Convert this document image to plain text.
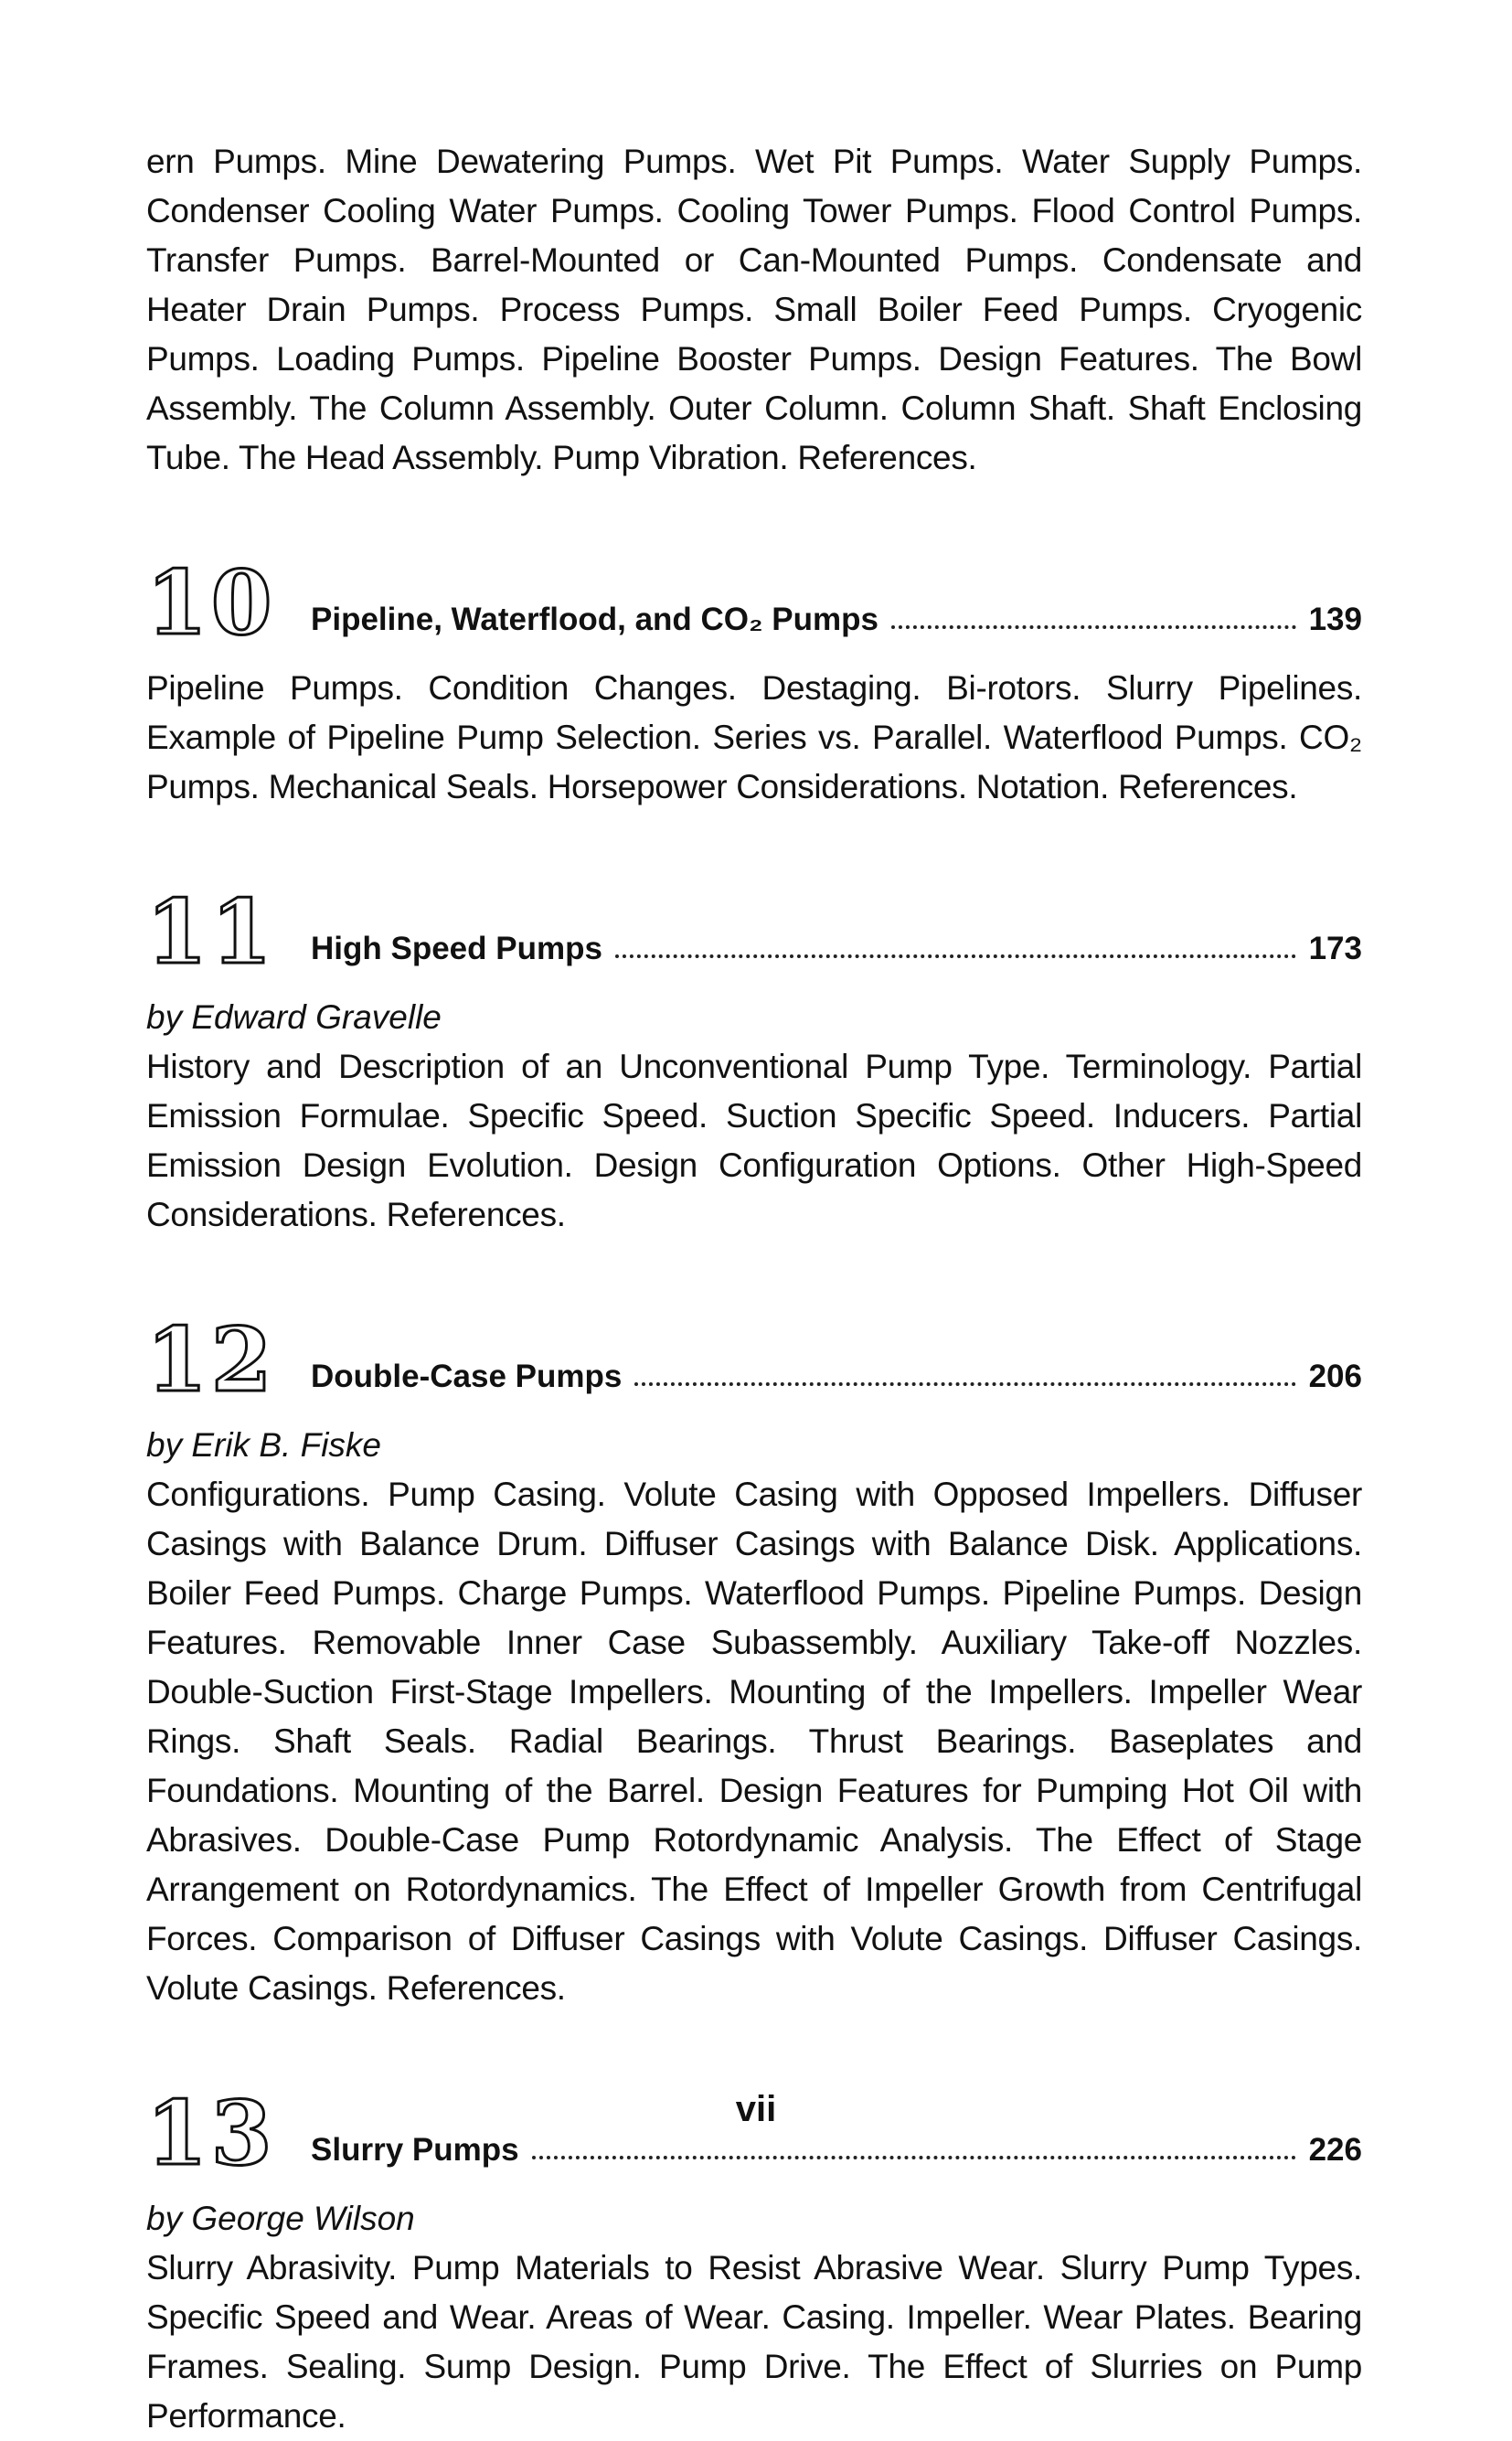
ern Pumps. Mine Dewatering Pumps. Wet Pit Pumps. Water Supply Pumps. Condenser Cooling Water Pumps. Cooling Tower Pumps. Flood Control Pumps. Transfer Pumps. Barrel-Mounted or Can-Mounted Pumps. Condensate and Heater Drain Pumps. Process Pumps. Small Boiler Feed Pumps. Cryogenic Pumps. Loading Pumps. Pipeline Booster Pumps. Design Features. The Bowl Assembly. The Column Assembly. Outer Column. Column Shaft. Shaft Enclosing Tube. The Head Assembly. Pump Vibration. References.

10	Pipeline, Waterflood, and CO₂ Pumps	139

Pipeline Pumps. Condition Changes. Destaging. Bi-rotors. Slurry Pipelines. Example of Pipeline Pump Selection. Series vs. Parallel. Waterflood Pumps. CO₂ Pumps. Mechanical Seals. Horsepower Considerations. Notation. References.

11	High Speed Pumps	173

by Edward Gravelle

History and Description of an Unconventional Pump Type. Terminology. Partial Emission Formulae. Specific Speed. Suction Specific Speed. Inducers. Partial Emission Design Evolution. Design Configuration Options. Other High-Speed Considerations. References.

12	Double-Case Pumps	206

by Erik B. Fiske

Configurations. Pump Casing. Volute Casing with Opposed Impellers. Diffuser Casings with Balance Drum. Diffuser Casings with Balance Disk. Applications. Boiler Feed Pumps. Charge Pumps. Waterflood Pumps. Pipeline Pumps. Design Features. Removable Inner Case Subassembly. Auxiliary Take-off Nozzles. Double-Suction First-Stage Impellers. Mounting of the Impellers. Impeller Wear Rings. Shaft Seals. Radial Bearings. Thrust Bearings. Baseplates and Foundations. Mounting of the Barrel. Design Features for Pumping Hot Oil with Abrasives. Double-Case Pump Rotordynamic Analysis. The Effect of Stage Arrangement on Rotordynamics. The Effect of Impeller Growth from Centrifugal Forces. Comparison of Diffuser Casings with Volute Casings. Diffuser Casings. Volute Casings. References.

13	Slurry Pumps	226

by George Wilson

Slurry Abrasivity. Pump Materials to Resist Abrasive Wear. Slurry Pump Types. Specific Speed and Wear. Areas of Wear. Casing. Impeller. Wear Plates. Bearing Frames. Sealing. Sump Design. Pump Drive. The Effect of Slurries on Pump Performance.

vii
